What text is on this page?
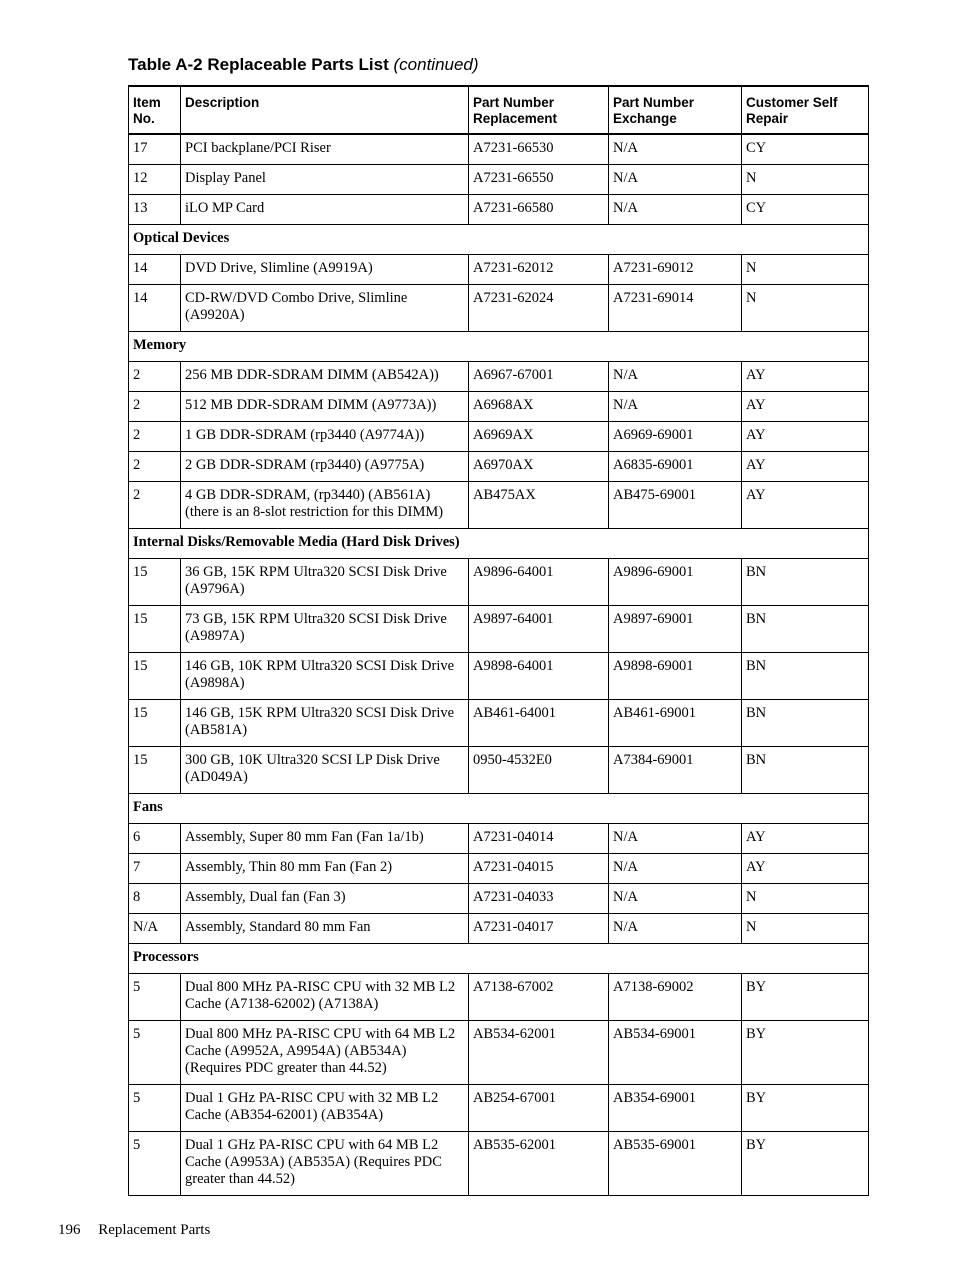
Table A-2 Replaceable Parts List (continued)
Item No.	Description	Part Number Replacement	Part Number Exchange	Customer Self Repair
17	PCI backplane/PCI Riser	A7231-66530	N/A	CY
12	Display Panel	A7231-66550	N/A	N
13	iLO MP Card	A7231-66580	N/A	CY
Optical Devices				
14	DVD Drive, Slimline (A9919A)	A7231-62012	A7231-69012	N
14	CD-RW/DVD Combo Drive, Slimline (A9920A)	A7231-62024	A7231-69014	N
Memory				
2	256 MB DDR-SDRAM DIMM (AB542A))	A6967-67001	N/A	AY
2	512 MB DDR-SDRAM DIMM (A9773A))	A6968AX	N/A	AY
2	1 GB DDR-SDRAM (rp3440 (A9774A))	A6969AX	A6969-69001	AY
2	2 GB DDR-SDRAM (rp3440) (A9775A)	A6970AX	A6835-69001	AY
2	4 GB DDR-SDRAM, (rp3440) (AB561A) (there is an 8-slot restriction for this DIMM)	AB475AX	AB475-69001	AY
Internal Disks/Removable Media (Hard Disk Drives)				
15	36 GB, 15K RPM Ultra320 SCSI Disk Drive (A9796A)	A9896-64001	A9896-69001	BN
15	73 GB, 15K RPM Ultra320 SCSI Disk Drive (A9897A)	A9897-64001	A9897-69001	BN
15	146 GB, 10K RPM Ultra320 SCSI Disk Drive (A9898A)	A9898-64001	A9898-69001	BN
15	146 GB, 15K RPM Ultra320 SCSI Disk Drive (AB581A)	AB461-64001	AB461-69001	BN
15	300 GB, 10K Ultra320 SCSI LP Disk Drive (AD049A)	0950-4532E0	A7384-69001	BN
Fans				
6	Assembly, Super 80 mm Fan (Fan 1a/1b)	A7231-04014	N/A	AY
7	Assembly, Thin 80 mm Fan (Fan 2)	A7231-04015	N/A	AY
8	Assembly, Dual fan (Fan 3)	A7231-04033	N/A	N
N/A	Assembly, Standard 80 mm Fan	A7231-04017	N/A	N
Processors				
5	Dual 800 MHz PA-RISC CPU with 32 MB L2 Cache (A7138-62002) (A7138A)	A7138-67002	A7138-69002	BY
5	Dual 800 MHz PA-RISC CPU with 64 MB L2 Cache (A9952A, A9954A) (AB534A) (Requires PDC greater than 44.52)	AB534-62001	AB534-69001	BY
5	Dual 1 GHz PA-RISC CPU with 32 MB L2 Cache (AB354-62001) (AB354A)	AB254-67001	AB354-69001	BY
5	Dual 1 GHz PA-RISC CPU with 64 MB L2 Cache (A9953A) (AB535A) (Requires PDC greater than 44.52)	AB535-62001	AB535-69001	BY
196 Replacement Parts
